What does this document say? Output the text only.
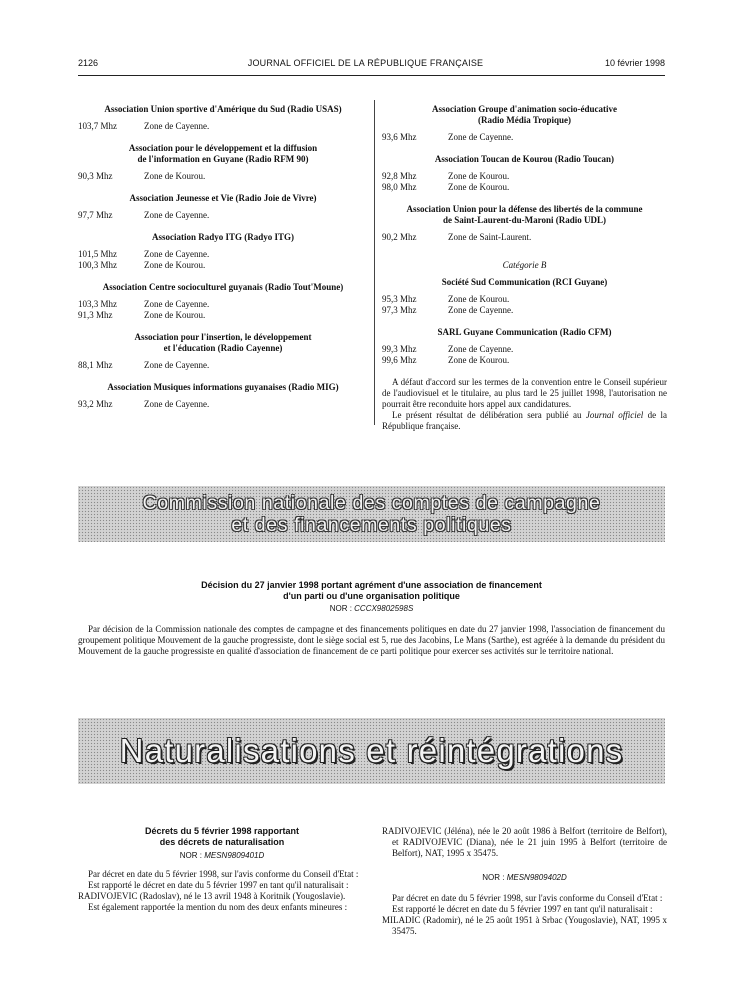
2126	JOURNAL OFFICIEL DE LA RÉPUBLIQUE FRANÇAISE	10 février 1998

Association Union sportive d'Amérique du Sud (Radio USAS)

103,7 Mhz	Zone de Cayenne.

Association pour le développement et la diffusion
de l'information en Guyane (Radio RFM 90)

90,3 Mhz	Zone de Kourou.

Association Jeunesse et Vie (Radio Joie de Vivre)

97,7 Mhz	Zone de Cayenne.

Association Radyo ITG (Radyo ITG)

101,5 Mhz	Zone de Cayenne.
100,3 Mhz	Zone de Kourou.

Association Centre socioculturel guyanais (Radio Tout'Moune)

103,3 Mhz	Zone de Cayenne.
91,3 Mhz	Zone de Kourou.

Association pour l'insertion, le développement
et l'éducation (Radio Cayenne)

88,1 Mhz	Zone de Cayenne.

Association Musiques informations guyanaises (Radio MIG)

93,2 Mhz	Zone de Cayenne.

Association Groupe d'animation socio-éducative
(Radio Média Tropique)

93,6 Mhz	Zone de Cayenne.

Association Toucan de Kourou (Radio Toucan)

92,8 Mhz	Zone de Kourou.
98,0 Mhz	Zone de Kourou.

Association Union pour la défense des libertés de la commune
de Saint-Laurent-du-Maroni (Radio UDL)

90,2 Mhz	Zone de Saint-Laurent.
Catégorie B

Société Sud Communication (RCI Guyane)

95,3 Mhz	Zone de Kourou.
97,3 Mhz	Zone de Cayenne.

SARL Guyane Communication (Radio CFM)

99,3 Mhz	Zone de Cayenne.
99,6 Mhz	Zone de Kourou.

A défaut d'accord sur les termes de la convention entre le Conseil supérieur de l'audiovisuel et le titulaire, au plus tard le 25 juillet 1998, l'autorisation ne pourrait être reconduite hors appel aux candidatures.

Le présent résultat de délibération sera publié au Journal officiel de la République française.

Commission nationale des comptes de campagne
et des financements politiques
Décision du 27 janvier 1998 portant agrément d'une association de financement
d'un parti ou d'une organisation politique
NOR : CCCX9802598S
Par décision de la Commission nationale des comptes de campagne et des financements politiques en date du 27 janvier 1998, l'association de financement du groupement politique Mouvement de la gauche progressiste, dont le siège social est 5, rue des Jacobins, Le Mans (Sarthe), est agréée à la demande du président du Mouvement de la gauche progressiste en qualité d'association de financement de ce parti politique pour exercer ses activités sur le territoire national.
Naturalisations et réintégrations

Décrets du 5 février 1998 rapportant
des décrets de naturalisation

NOR : MESN9809401D

Par décret en date du 5 février 1998, sur l'avis conforme du Conseil d'Etat :

Est rapporté le décret en date du 5 février 1997 en tant qu'il naturalisait :

RADIVOJEVIC (Radoslav), né le 13 avril 1948 à Koritnik (Yougoslavie).

Est également rapportée la mention du nom des deux enfants mineures :

RADIVOJEVIC (Jéléna), née le 20 août 1986 à Belfort (territoire de Belfort), et RADIVOJEVIC (Diana), née le 21 juin 1995 à Belfort (territoire de Belfort), NAT, 1995 x 35475.

NOR : MESN9809402D

Par décret en date du 5 février 1998, sur l'avis conforme du Conseil d'Etat :

Est rapporté le décret en date du 5 février 1997 en tant qu'il naturalisait :

MILADIC (Radomir), né le 25 août 1951 à Srbac (Yougoslavie), NAT, 1995 x 35475.
